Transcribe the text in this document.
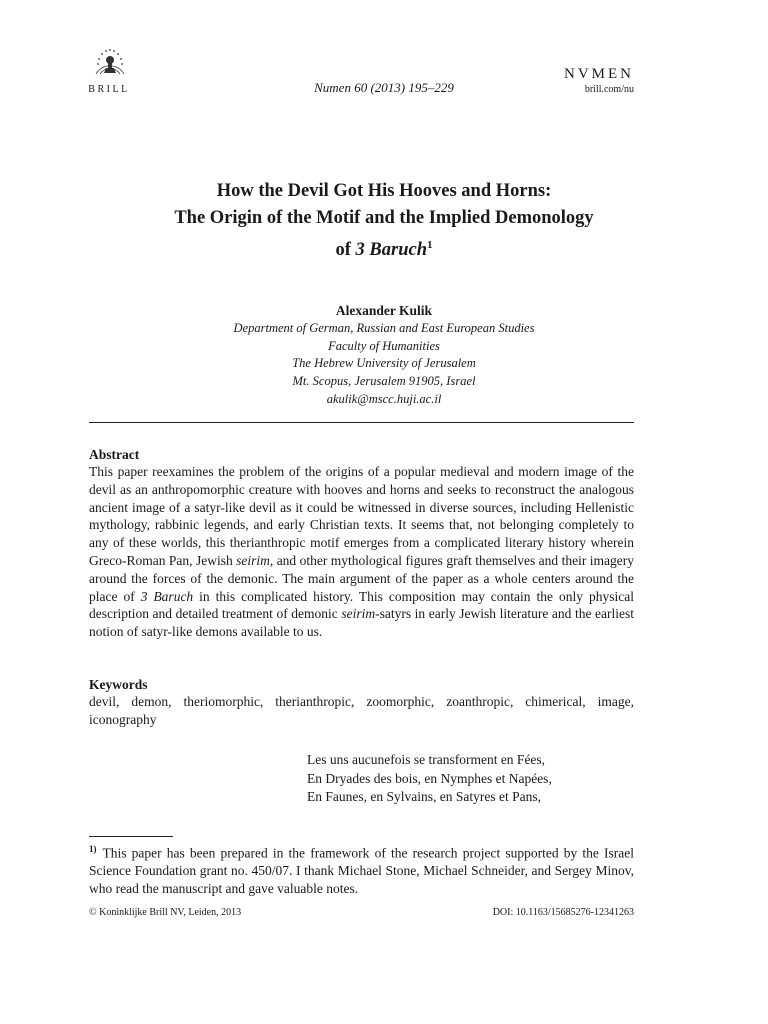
BRILL	Numen 60 (2013) 195–229
NVMEN
brill.com/nu
How the Devil Got His Hooves and Horns:
The Origin of the Motif and the Implied Demonology
of 3 Baruch$^1$
Alexander Kulik
Department of German, Russian and East European Studies
Faculty of Humanities
The Hebrew University of Jerusalem
Mt. Scopus, Jerusalem 91905, Israel
akulik@mscc.huji.ac.il
Abstract
This paper reexamines the problem of the origins of a popular medieval and modern image of the devil as an anthropomorphic creature with hooves and horns and seeks to reconstruct the analogous ancient image of a satyr-like devil as it could be witnessed in diverse sources, including Hellenistic mythology, rabbinic legends, and early Christian texts. It seems that, not belonging completely to any of these worlds, this therianthropic motif emerges from a complicated literary history wherein Greco-Roman Pan, Jewish seirim, and other mythological figures graft themselves and their imagery around the forces of the demonic. The main argument of the paper as a whole centers around the place of 3 Baruch in this complicated history. This composition may contain the only physical description and detailed treatment of demonic seirim-satyrs in early Jewish literature and the earliest notion of satyr-like demons available to us.
Keywords
devil, demon, theriomorphic, therianthropic, zoomorphic, zoanthropic, chimerical, image, iconography
Les uns aucunefois se transforment en Fées,
En Dryades des bois, en Nymphes et Napées,
En Faunes, en Sylvains, en Satyres et Pans,
$^{1)}$ This paper has been prepared in the framework of the research project supported by the Israel Science Foundation grant no. 450/07. I thank Michael Stone, Michael Schneider, and Sergey Minov, who read the manuscript and gave valuable notes.
© Koninklijke Brill NV, Leiden, 2013	DOI: 10.1163/15685276-12341263
